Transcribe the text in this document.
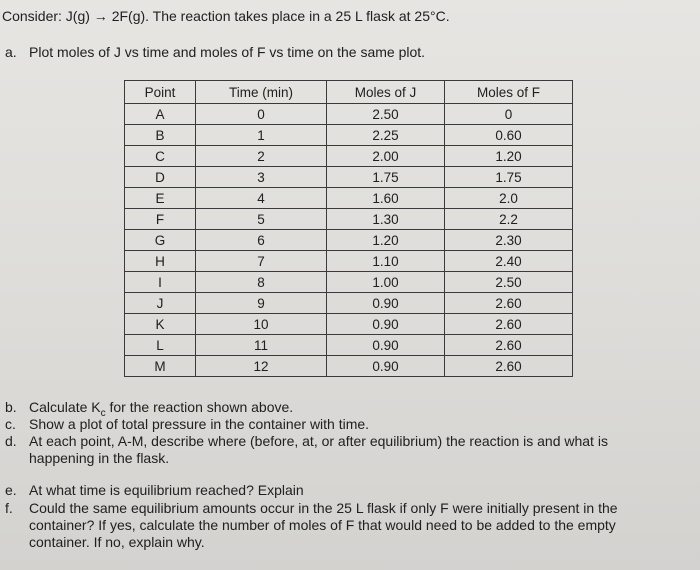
Consider: J(g) → 2F(g). The reaction takes place in a 25 L flask at 25°C.
a. Plot moles of J vs time and moles of F vs time on the same plot.
Point	Time (min)	Moles of J	Moles of F
A	0	2.50	0
B	1	2.25	0.60
C	2	2.00	1.20
D	3	1.75	1.75
E	4	1.60	2.0
F	5	1.30	2.2
G	6	1.20	2.30
H	7	1.10	2.40
I	8	1.00	2.50
J	9	0.90	2.60
K	10	0.90	2.60
L	11	0.90	2.60
M	12	0.90	2.60
b. Calculate $K_c$ for the reaction shown above.
c. Show a plot of total pressure in the container with time.
d. At each point, A-M, describe where (before, at, or after equilibrium) the reaction is and what is happening in the flask.
e. At what time is equilibrium reached? Explain
f. Could the same equilibrium amounts occur in the 25 L flask if only F were initially present in the container? If yes, calculate the number of moles of F that would need to be added to the empty container. If no, explain why.
